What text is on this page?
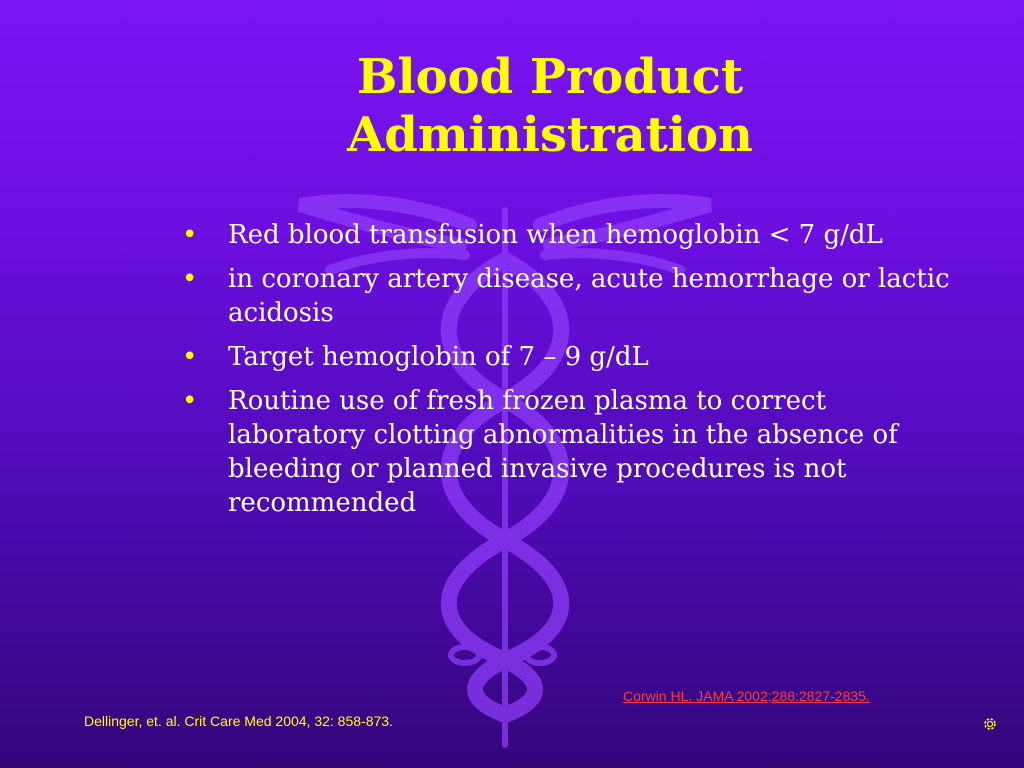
Blood Product
Administration
• Red blood transfusion when hemoglobin < 7 g/dL
• in coronary artery disease, acute hemorrhage or lactic acidosis
• Target hemoglobin of 7 – 9 g/dL
• Routine use of fresh frozen plasma to correct laboratory clotting abnormalities in the absence of bleeding or planned invasive procedures is not recommended
Corwin HL. JAMA 2002;288:2827-2835.
Dellinger, et. al. Crit Care Med 2004, 32: 858-873.
